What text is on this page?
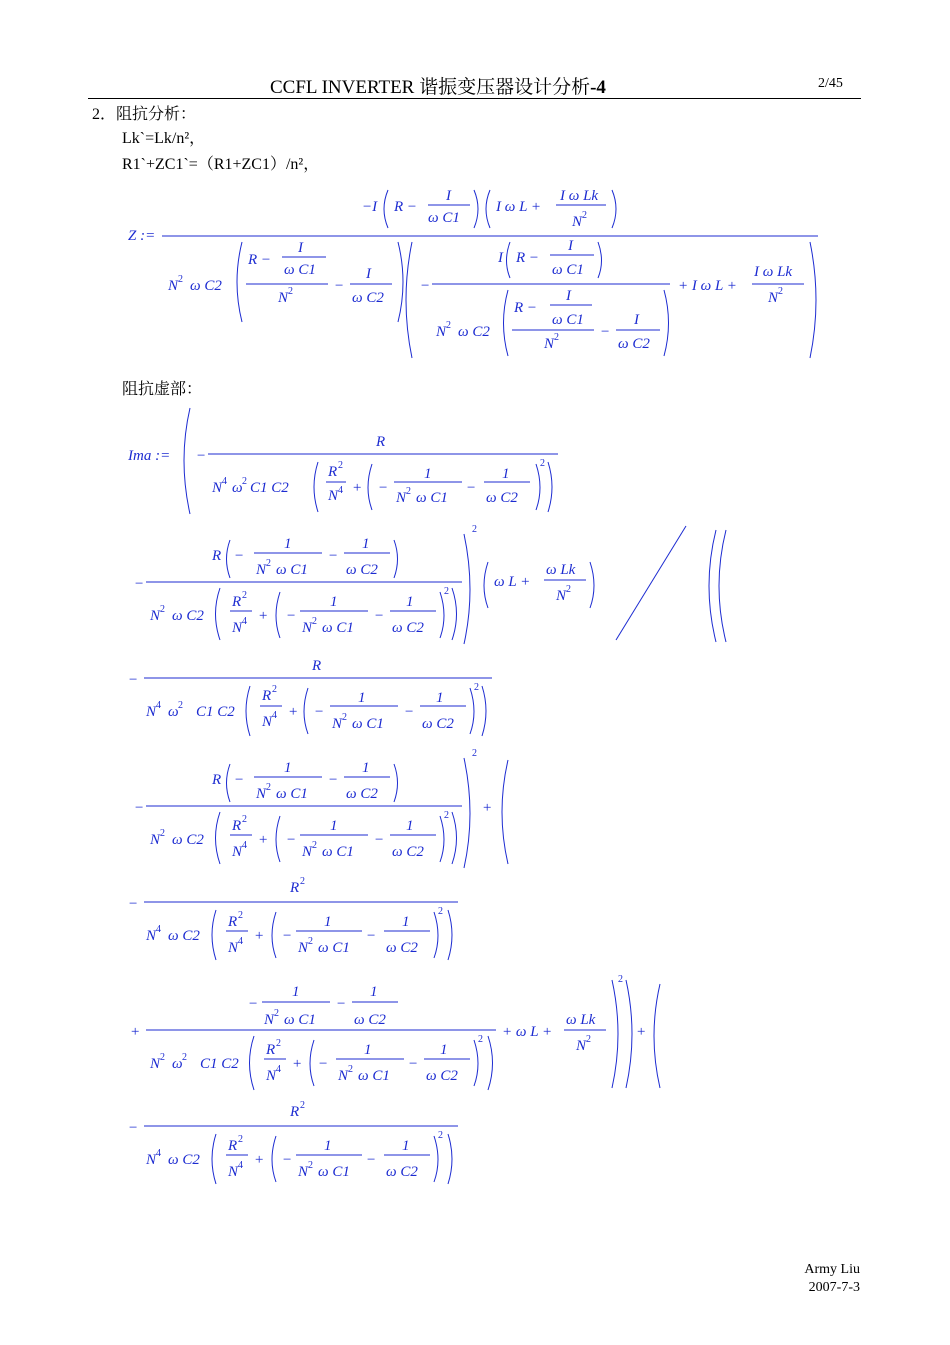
CCFL INVERTER 谐振变压器设计分析-4	2/45
2．阻抗分析：
Lk`=Lk/n²，
R1`+ZC1`=（R1+ZC1）/n²，
阻抗虚部：
Z :=
−I R −
I
ω C1
I ω L +
I ω Lk
N 2
N 2 ω C2
R −
I
ω C1
N 2	−
I
ω C2
−
I R −
I
ω C1
N 2 ω C2
R −
I
ω C1
N 2	−
I
ω C2
+ I ω L +
I ω Lk
N 2
Ima := −
R
N 4 ω 2 C1 C2
R 2
N 4 + −
1
N 2 ω C1
−
1
ω C2
2
R −
1
N 2 ω C1
−
1
ω C2
−
N 2 ω C2
R 2
N 4 + −
1
N 2 ω C1
−
1
ω C2
2
2
ω L +
ω Lk
N 2
−
R
N 4 ω 2 C1 C2
R 2
N 4 + −
1
N 2 ω C1
−
1
ω C2
2
R −
1
N 2 ω C1
−
1
ω C2
−
N 2 ω C2
R 2
N 4 + −
1
N 2 ω C1
−
1
ω C2
2
2
+
−
R 2
N 4 ω C2
R 2
N 4 + −
1
N 2 ω C1
−
1
ω C2
2
−
1
N 2 ω C1
−
1
ω C2
+
N 2 ω 2 C1 C2
R 2
N 4 + −
1
N 2 ω C1
−
1
ω C2
2 + ω L +
ω Lk
N 2
2
+
−
R 2
N 4 ω C2
R 2
N 4 + −
1
N 2 ω C1
−
1
ω C2
2
Army Liu
2007-7-3
